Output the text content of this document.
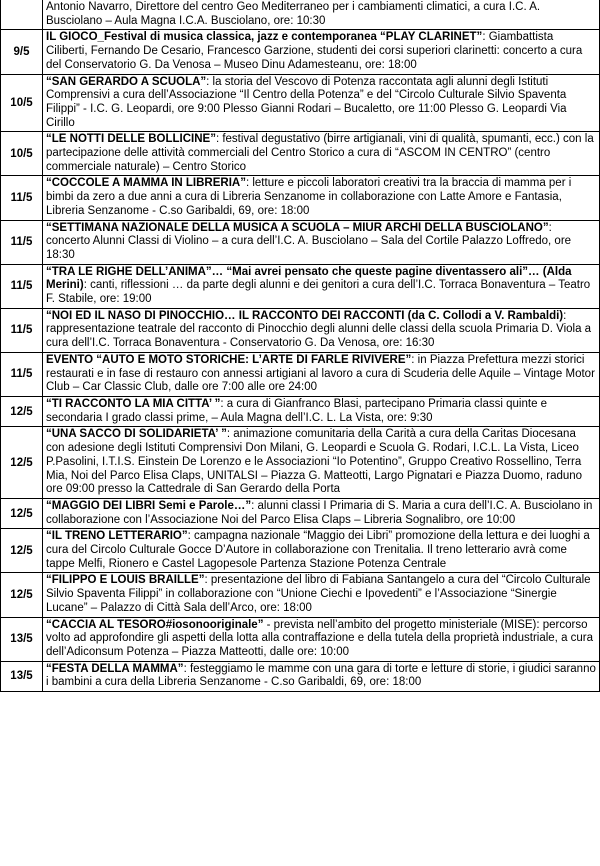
Antonio Navarro, Direttore del centro Geo Mediterraneo per i cambiamenti climatici, a cura I.C. A. Busciolano – Aula Magna I.C.A. Busciolano, ore: 10:30
9/5
IL GIOCO_Festival di musica classica, jazz e contemporanea “PLAY CLARINET”: Giambattista Ciliberti, Fernando De Cesario, Francesco Garzione, studenti dei corsi superiori clarinetti: concerto a cura del Conservatorio G. Da Venosa – Museo Dinu Adamesteanu, ore: 18:00
10/5
“SAN GERARDO A SCUOLA”: la storia del Vescovo di Potenza raccontata agli alunni degli Istituti Comprensivi a cura dell’Associazione “Il Centro della Potenza” e del “Circolo Culturale Silvio Spaventa Filippi” - I.C. G. Leopardi, ore 9:00 Plesso Gianni Rodari – Bucaletto, ore 11:00 Plesso G. Leopardi Via Cirillo
10/5
“LE NOTTI DELLE BOLLICINE”: festival degustativo (birre artigianali, vini di qualità, spumanti, ecc.) con la partecipazione delle attività commerciali del Centro Storico a cura di “ASCOM IN CENTRO” (centro commerciale naturale) – Centro Storico
11/5
“COCCOLE A MAMMA IN LIBRERIA”: letture e piccoli laboratori creativi tra la braccia di mamma per i bimbi da zero a due anni a cura di Libreria Senzanome in collaborazione con Latte Amore e Fantasia, Libreria Senzanome - C.so Garibaldi, 69, ore: 18:00
11/5
“SETTIMANA NAZIONALE DELLA MUSICA A SCUOLA – MIUR ARCHI DELLA BUSCIOLANO”: concerto Alunni Classi di Violino – a cura dell’I.C. A. Busciolano – Sala del Cortile Palazzo Loffredo, ore 18:30
11/5
“TRA LE RIGHE DELL’ANIMA”… “Mai avrei pensato che queste pagine diventassero ali”… (Alda Merini): canti, riflessioni … da parte degli alunni e dei genitori a cura dell’I.C. Torraca Bonaventura – Teatro F. Stabile, ore: 19:00
11/5
“NOI ED IL NASO DI PINOCCHIO… IL RACCONTO DEI RACCONTI (da C. Collodi a V. Rambaldi): rappresentazione teatrale del racconto di Pinocchio degli alunni delle classi della scuola Primaria D. Viola a cura dell’I.C. Torraca Bonaventura - Conservatorio G. Da Venosa, ore: 16:30
11/5
EVENTO “AUTO E MOTO STORICHE: L’ARTE DI FARLE RIVIVERE”: in Piazza Prefettura mezzi storici restaurati e in fase di restauro con annessi artigiani al lavoro a cura di Scuderia delle Aquile – Vintage Motor Club – Car Classic Club, dalle ore 7:00 alle ore 24:00
12/5
“TI RACCONTO LA MIA CITTA’ ”: a cura di Gianfranco Blasi, partecipano Primaria classi quinte e secondaria I grado classi prime, – Aula Magna dell’I.C. L. La Vista, ore: 9:30
12/5
“UNA SACCO DI SOLIDARIETA’ ”: animazione comunitaria della Carità a cura della Caritas Diocesana con adesione degli Istituti Comprensivi Don Milani, G. Leopardi e Scuola G. Rodari, I.C.L. La Vista, Liceo P.Pasolini, I.T.I.S. Einstein De Lorenzo e le Associazioni “Io Potentino”, Gruppo Creativo Rossellino, Terra Mia, Noi del Parco Elisa Claps, UNITALSI – Piazza G. Matteotti, Largo Pignatari e Piazza Duomo, raduno ore 09:00 presso la Cattedrale di San Gerardo della Porta
12/5
“MAGGIO DEI LIBRI Semi e Parole…”: alunni classi I Primaria di S. Maria a cura dell’I.C. A. Busciolano in collaborazione con l’Associazione Noi del Parco Elisa Claps – Libreria Sognalibro, ore 10:00
12/5
“IL TRENO LETTERARIO”: campagna nazionale “Maggio dei Libri” promozione della lettura e dei luoghi a cura del Circolo Culturale Gocce D’Autore in collaborazione con Trenitalia. Il treno letterario avrà come tappe Melfi, Rionero e Castel Lagopesole Partenza Stazione Potenza Centrale
12/5
“FILIPPO E LOUIS BRAILLE”: presentazione del libro di Fabiana Santangelo a cura del “Circolo Culturale Silvio Spaventa Filippi” in collaborazione con “Unione Ciechi e Ipovedenti” e l’Associazione “Sinergie Lucane” – Palazzo di Città Sala dell’Arco, ore: 18:00
13/5
“CACCIA AL TESORO#iosonooriginale” - prevista nell’ambito del progetto ministeriale (MISE): percorso volto ad approfondire gli aspetti della lotta alla contraffazione e della tutela della proprietà industriale, a cura dell’Adiconsum Potenza – Piazza Matteotti, dalle ore: 10:00
13/5
“FESTA DELLA MAMMA”: festeggiamo le mamme con una gara di torte e letture di storie, i giudici saranno i bambini a cura della Libreria Senzanome - C.so Garibaldi, 69, ore: 18:00
